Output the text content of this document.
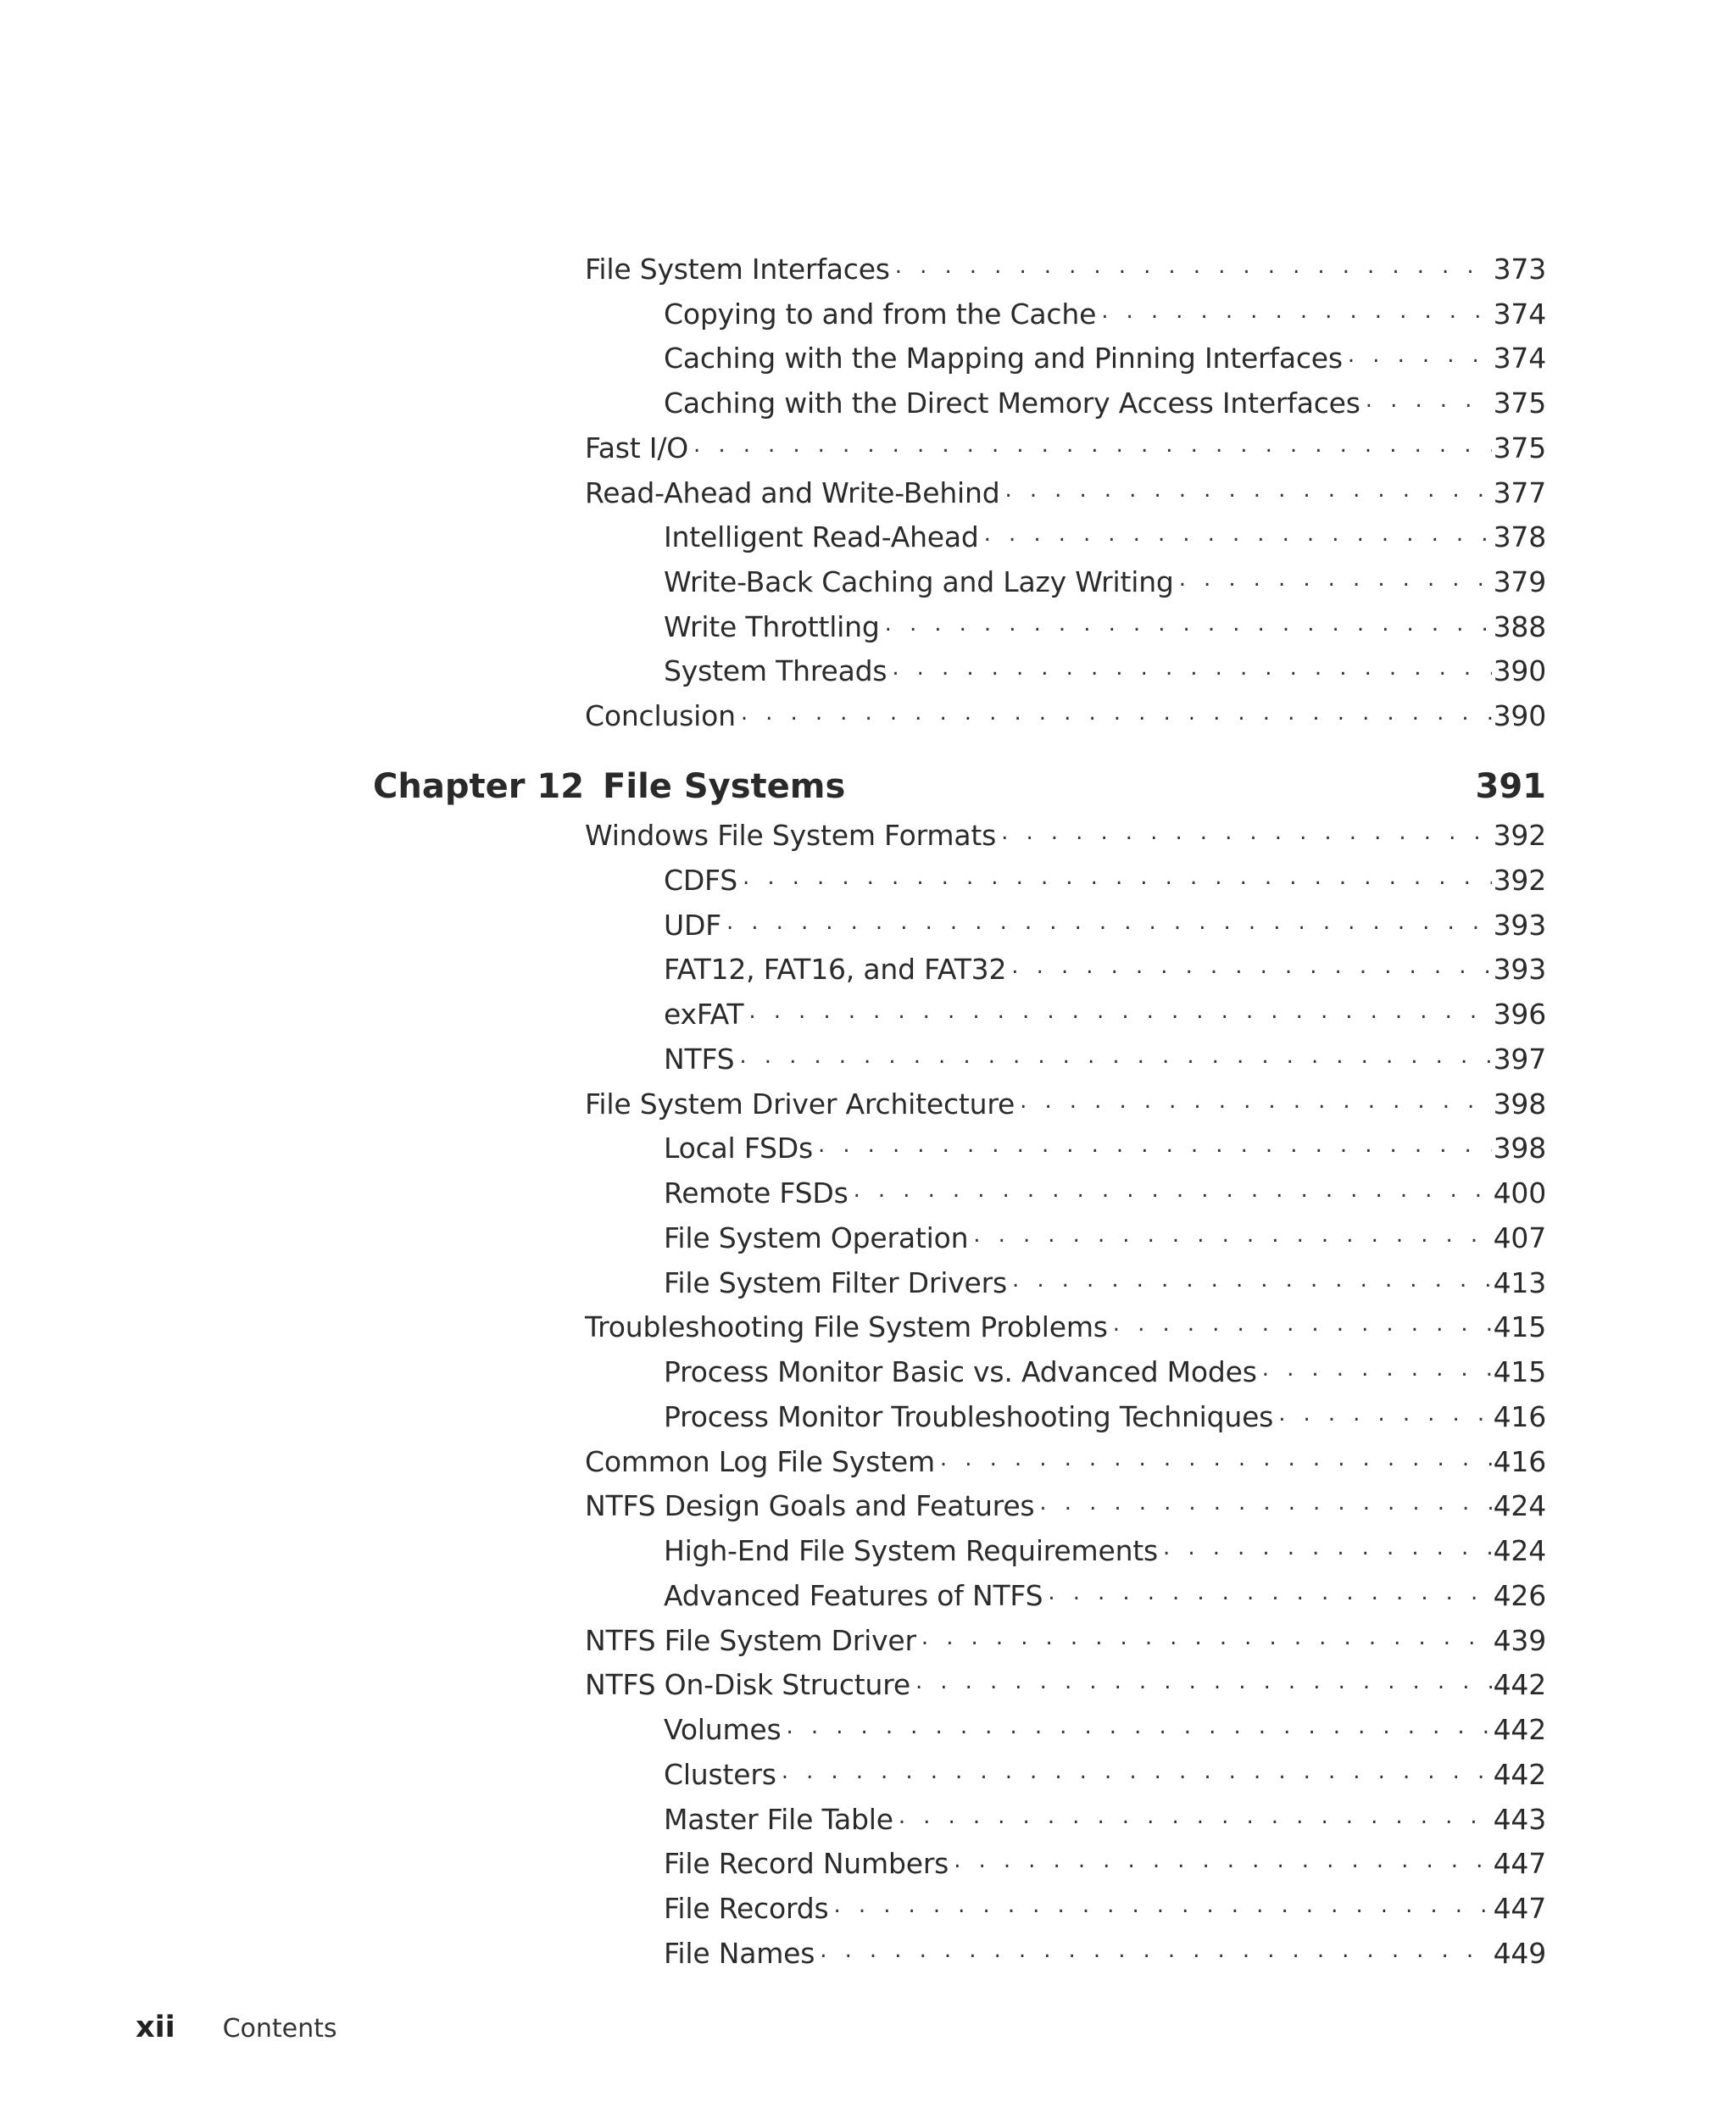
File System Interfaces . . .	373
Copying to and from the Cache . . .	374
Caching with the Mapping and Pinning Interfaces . . .	374
Caching with the Direct Memory Access Interfaces . . .	375
Fast I/O . . .	375
Read-Ahead and Write-Behind . . .	377
Intelligent Read-Ahead . . .	378
Write-Back Caching and Lazy Writing . . .	379
Write Throttling . . .	388
System Threads . . .	390
Conclusion . . .	390
Chapter 12 File Systems	391
Windows File System Formats . . .	392
CDFS . . .	392
UDF . . .	393
FAT12, FAT16, and FAT32 . . .	393
exFAT . . .	396
NTFS . . .	397
File System Driver Architecture . . .	398
Local FSDs . . .	398
Remote FSDs . . .	400
File System Operation . . .	407
File System Filter Drivers . . .	413
Troubleshooting File System Problems . . .	415
Process Monitor Basic vs. Advanced Modes . . .	415
Process Monitor Troubleshooting Techniques . . .	416
Common Log File System . . .	416
NTFS Design Goals and Features . . .	424
High-End File System Requirements . . .	424
Advanced Features of NTFS . . .	426
NTFS File System Driver . . .	439
NTFS On-Disk Structure . . .	442
Volumes . . .	442
Clusters . . .	442
Master File Table . . .	443
File Record Numbers . . .	447
File Records . . .	447
File Names . . .	449
xii Contents
